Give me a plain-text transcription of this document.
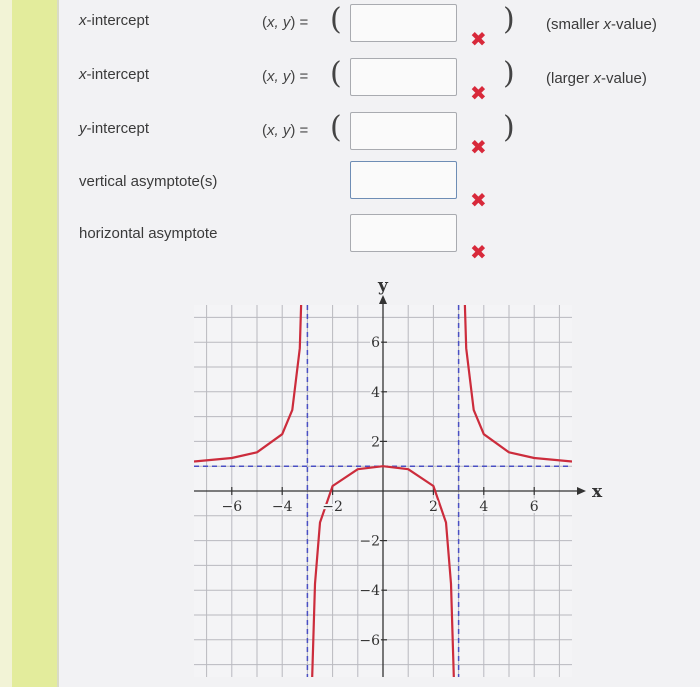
x-intercept	(x, y) = (	)
✖
(smaller x-value)
x-intercept	(x, y) = (	)
✖
(larger x-value)
y-intercept	(x, y) = (	)
✖
vertical asymptote(s)
✖
horizontal asymptote
✖
−6 −4 −2	2	4	6
−6
−4
−2
2
4
6
x
y
